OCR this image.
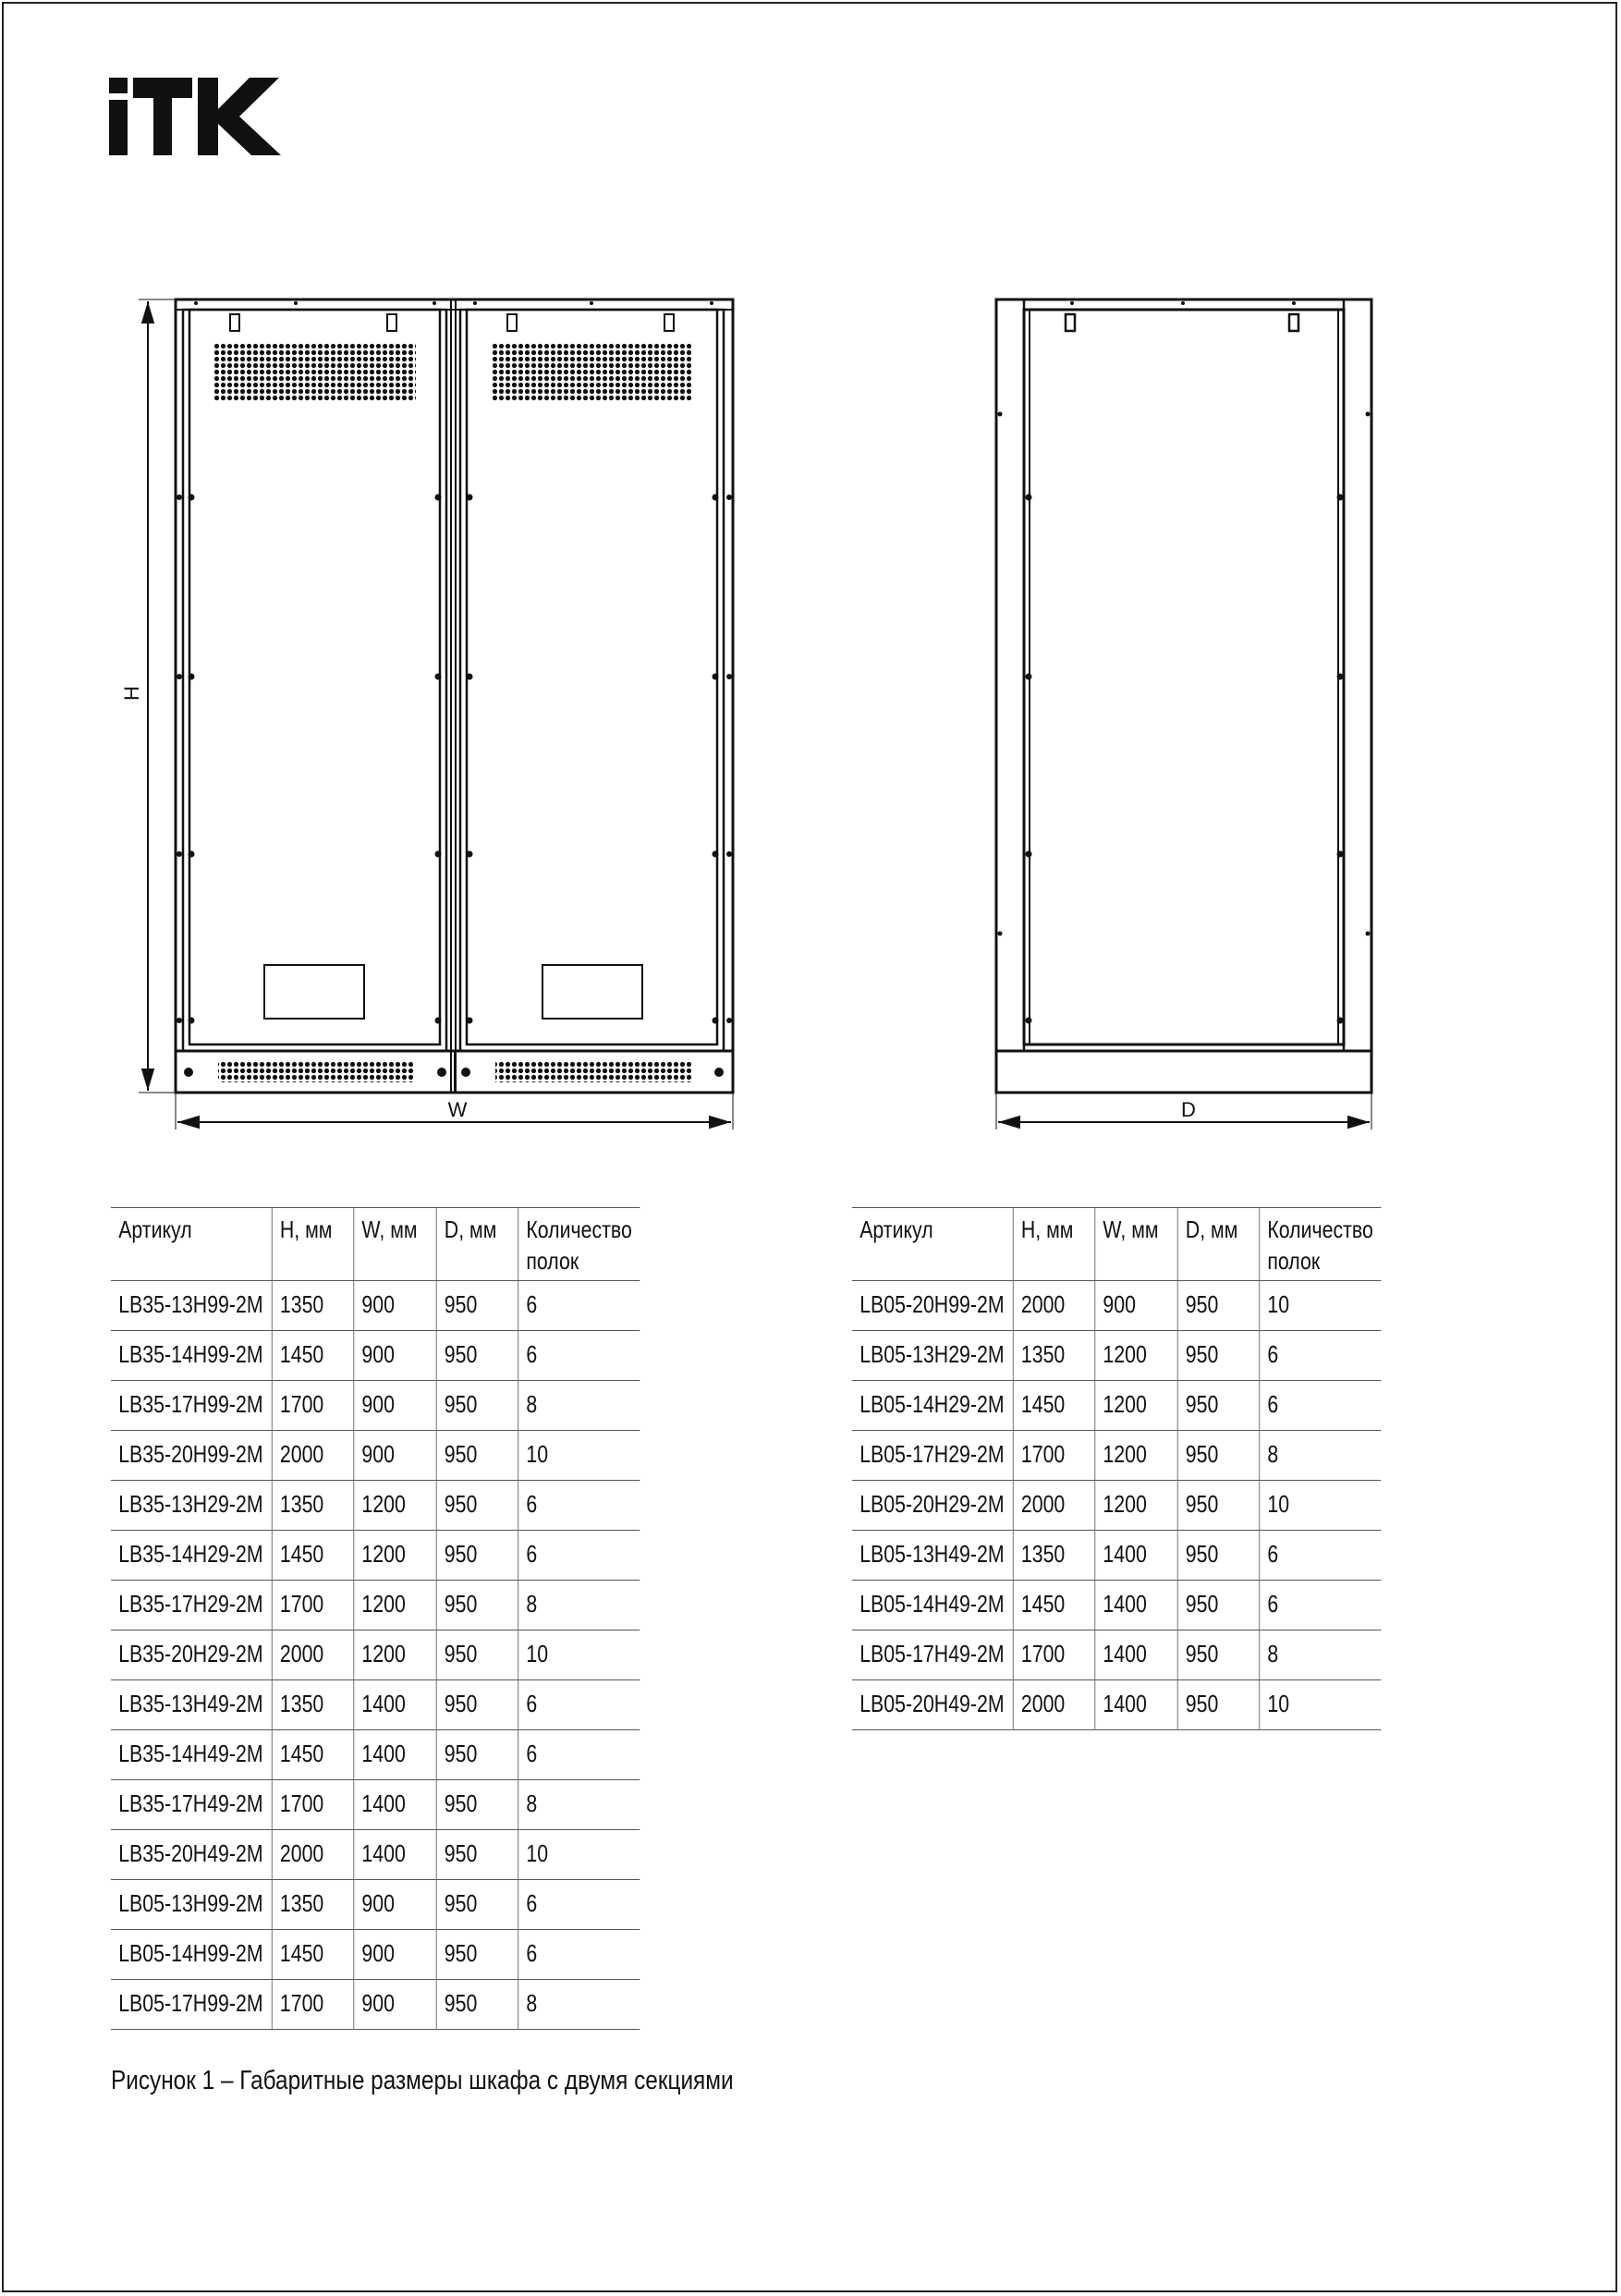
H
W	D
Артикул	H, мм	W, мм	D, мм	Количество полок
LB35-13H99-2M	1350	900	950	6
LB35-14H99-2M	1450	900	950	6
LB35-17H99-2M	1700	900	950	8
LB35-20H99-2M	2000	900	950	10
LB35-13H29-2M	1350	1200	950	6
LB35-14H29-2M	1450	1200	950	6
LB35-17H29-2M	1700	1200	950	8
LB35-20H29-2M	2000	1200	950	10
LB35-13H49-2M	1350	1400	950	6
LB35-14H49-2M	1450	1400	950	6
LB35-17H49-2M	1700	1400	950	8
LB35-20H49-2M	2000	1400	950	10
LB05-13H99-2M	1350	900	950	6
LB05-14H99-2M	1450	900	950	6
LB05-17H99-2M	1700	900	950	8
Артикул	H, мм	W, мм	D, мм	Количество полок
LB05-20H99-2M	2000	900	950	10
LB05-13H29-2M	1350	1200	950	6
LB05-14H29-2M	1450	1200	950	6
LB05-17H29-2M	1700	1200	950	8
LB05-20H29-2M	2000	1200	950	10
LB05-13H49-2M	1350	1400	950	6
LB05-14H49-2M	1450	1400	950	6
LB05-17H49-2M	1700	1400	950	8
LB05-20H49-2M	2000	1400	950	10
Рисунок 1 – Габаритные размеры шкафа с двумя секциями
